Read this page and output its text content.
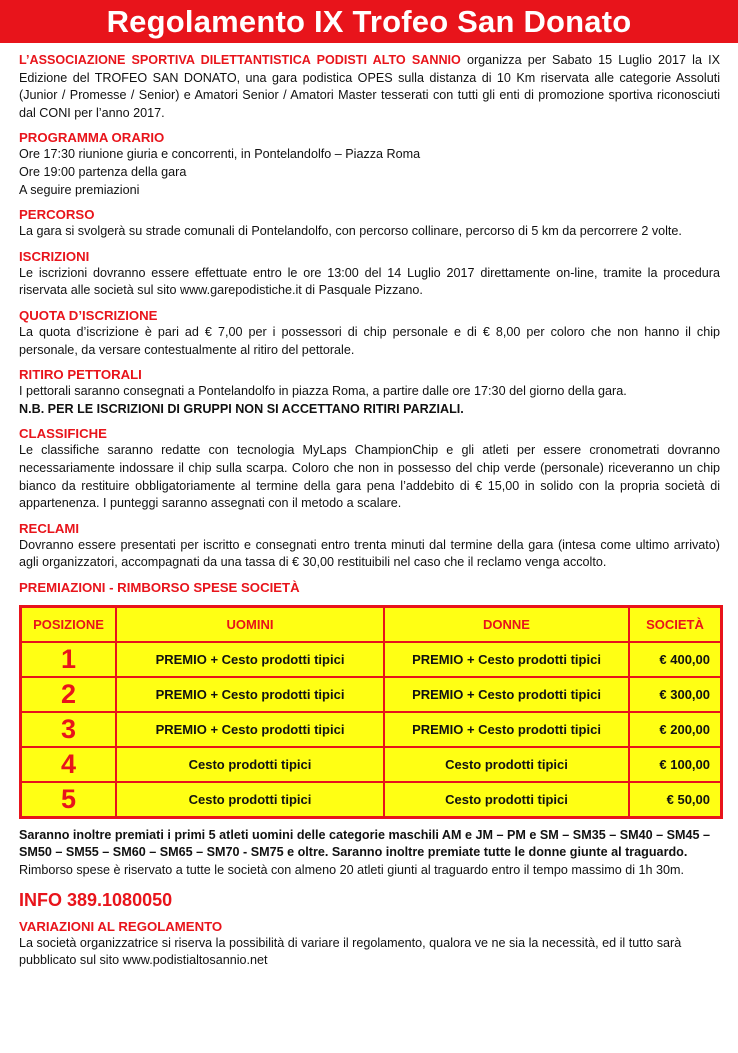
Regolamento IX Trofeo San Donato

L’ASSOCIAZIONE SPORTIVA DILETTANTISTICA PODISTI ALTO SANNIO organizza per Sabato 15 Luglio 2017 la IX Edizione del TROFEO SAN DONATO, una gara podistica OPES sulla distanza di 10 Km riservata alle categorie Assoluti (Junior / Promesse / Senior) e Amatori Senior / Amatori Master tesserati con tutti gli enti di promozione sportiva riconosciuti dal CONI per l’anno 2017.

PROGRAMMA ORARIO

Ore 17:30 riunione giuria e concorrenti, in Pontelandolfo – Piazza Roma

Ore 19:00 partenza della gara

A seguire premiazioni

PERCORSO

La gara si svolgerà su strade comunali di Pontelandolfo, con percorso collinare, percorso di 5 km da percorrere 2 volte.

ISCRIZIONI

Le iscrizioni dovranno essere effettuate entro le ore 13:00 del 14 Luglio 2017 direttamente on-line, tramite la procedura riservata alle società sul sito www.garepodistiche.it di Pasquale Pizzano.

QUOTA D’ISCRIZIONE

La quota d’iscrizione è pari ad € 7,00 per i possessori di chip personale e di € 8,00 per coloro che non hanno il chip personale, da versare contestualmente al ritiro del pettorale.

RITIRO PETTORALI

I pettorali saranno consegnati a Pontelandolfo in piazza Roma, a partire dalle ore 17:30 del giorno della gara.

N.B. PER LE ISCRIZIONI DI GRUPPI NON SI ACCETTANO RITIRI PARZIALI.

CLASSIFICHE

Le classifiche saranno redatte con tecnologia MyLaps ChampionChip e gli atleti per essere cronometrati dovranno necessariamente indossare il chip sulla scarpa. Coloro che non in possesso del chip verde (personale) riceveranno un chip bianco da restituire obbligatoriamente al termine della gara pena l’addebito di € 15,00 in solido con la propria società di appartenenza. I punteggi saranno assegnati con il metodo a scalare.

RECLAMI

Dovranno essere presentati per iscritto e consegnati entro trenta minuti dal termine della gara (intesa come ultimo arrivato) agli organizzatori, accompagnati da una tassa di € 30,00 restituibili nel caso che il reclamo venga accolto.

PREMIAZIONI - RIMBORSO SPESE SOCIETÀ
POSIZIONE	UOMINI	DONNE	SOCIETÀ
1	PREMIO + Cesto prodotti tipici	PREMIO + Cesto prodotti tipici	€ 400,00
2	PREMIO + Cesto prodotti tipici	PREMIO + Cesto prodotti tipici	€ 300,00
3	PREMIO + Cesto prodotti tipici	PREMIO + Cesto prodotti tipici	€ 200,00
4	Cesto prodotti tipici	Cesto prodotti tipici	€ 100,00
5	Cesto prodotti tipici	Cesto prodotti tipici	€ 50,00

Saranno inoltre premiati i primi 5 atleti uomini delle categorie maschili AM e JM – PM e SM – SM35 – SM40 – SM45 – SM50 – SM55 – SM60 – SM65 – SM70 - SM75 e oltre. Saranno inoltre premiate tutte le donne giunte al traguardo.

Rimborso spese è riservato a tutte le società con almeno 20 atleti giunti al traguardo entro il tempo massimo di 1h 30m.

INFO 389.1080050
VARIAZIONI AL REGOLAMENTO

La società organizzatrice si riserva la possibilità di variare il regolamento, qualora ve ne sia la necessità, ed il tutto sarà pubblicato sul sito www.podistialtosannio.net
